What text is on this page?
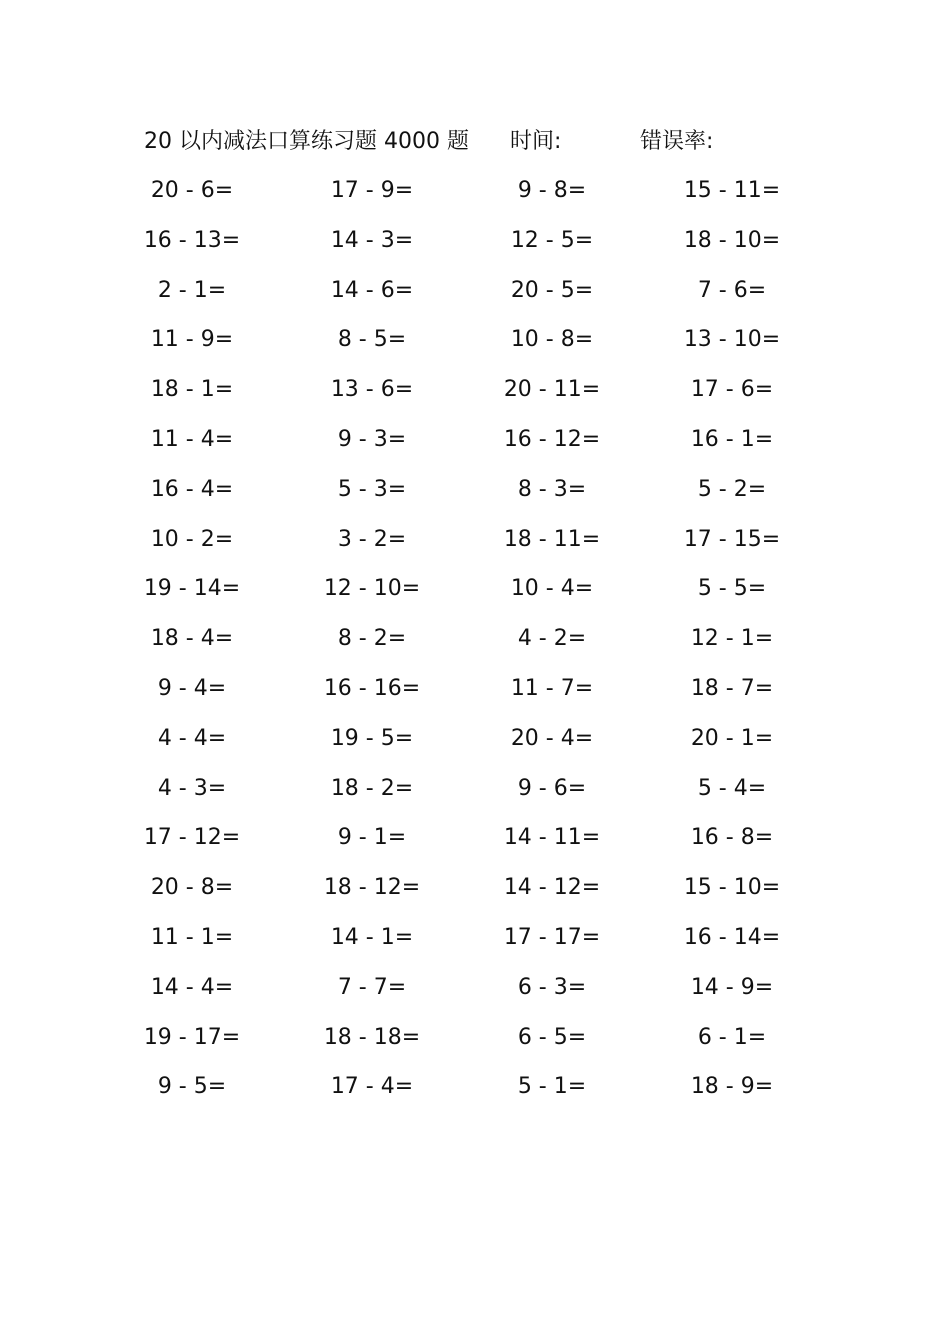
20 以内减法口算练习题 4000 题 时间:	错误率:
20 - 6=	17 - 9=	9 - 8=	15 - 11=
16 - 13=	14 - 3=	12 - 5=	18 - 10=
2 - 1=	14 - 6=	20 - 5=	7 - 6=
11 - 9=	8 - 5=	10 - 8=	13 - 10=
18 - 1=	13 - 6=	20 - 11=	17 - 6=
11 - 4=	9 - 3=	16 - 12=	16 - 1=
16 - 4=	5 - 3=	8 - 3=	5 - 2=
10 - 2=	3 - 2=	18 - 11=	17 - 15=
19 - 14=	12 - 10=	10 - 4=	5 - 5=
18 - 4=	8 - 2=	4 - 2=	12 - 1=
9 - 4=	16 - 16=	11 - 7=	18 - 7=
4 - 4=	19 - 5=	20 - 4=	20 - 1=
4 - 3=	18 - 2=	9 - 6=	5 - 4=
17 - 12=	9 - 1=	14 - 11=	16 - 8=
20 - 8=	18 - 12=	14 - 12=	15 - 10=
11 - 1=	14 - 1=	17 - 17=	16 - 14=
14 - 4=	7 - 7=	6 - 3=	14 - 9=
19 - 17=	18 - 18=	6 - 5=	6 - 1=
9 - 5=	17 - 4=	5 - 1=	18 - 9=
